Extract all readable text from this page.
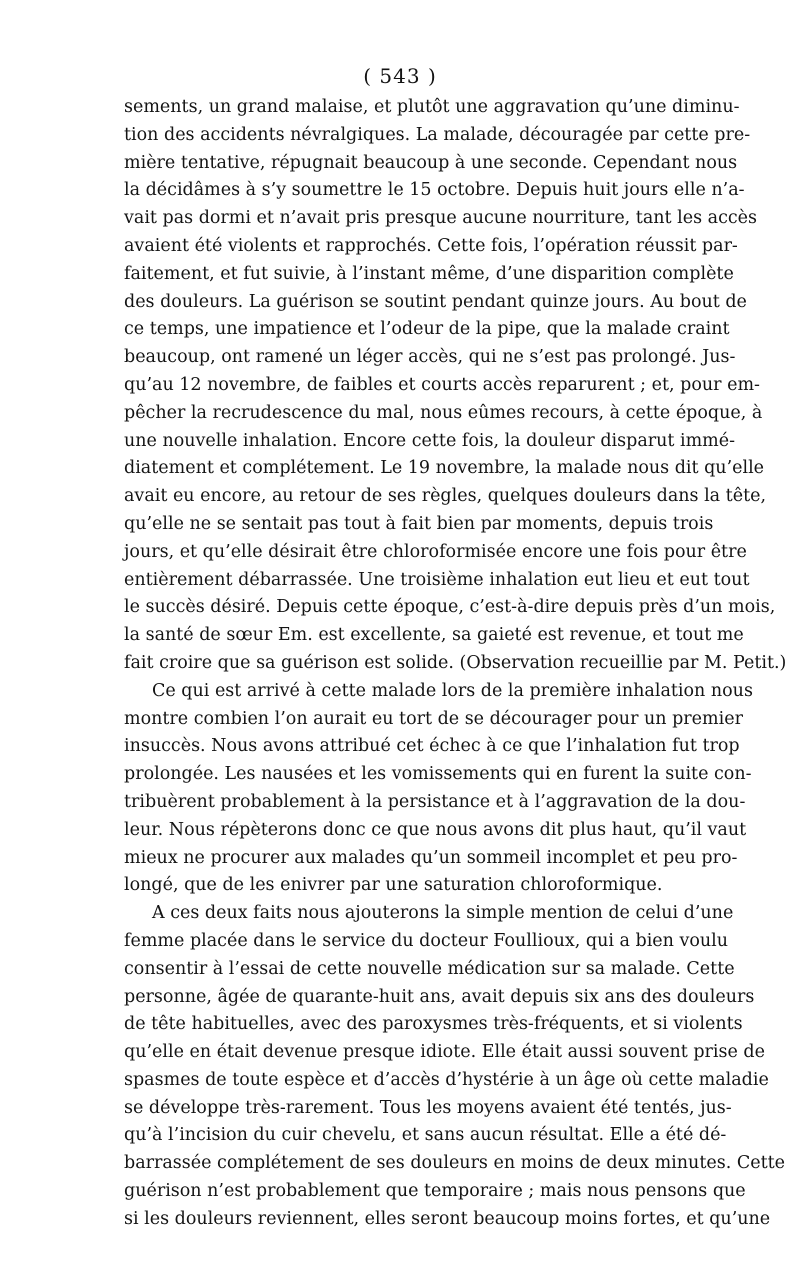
( 543 )
sements, un grand malaise, et plutôt une aggravation qu’une diminu-
tion des accidents névralgiques. La malade, découragée par cette pre-
mière tentative, répugnait beaucoup à une seconde. Cependant nous
la décidâmes à s’y soumettre le 15 octobre. Depuis huit jours elle n’a-
vait pas dormi et n’avait pris presque aucune nourriture, tant les accès
avaient été violents et rapprochés. Cette fois, l’opération réussit par-
faitement, et fut suivie, à l’instant même, d’une disparition complète
des douleurs. La guérison se soutint pendant quinze jours. Au bout de
ce temps, une impatience et l’odeur de la pipe, que la malade craint
beaucoup, ont ramené un léger accès, qui ne s’est pas prolongé. Jus-
qu’au 12 novembre, de faibles et courts accès reparurent ; et, pour em-
pêcher la recrudescence du mal, nous eûmes recours, à cette époque, à
une nouvelle inhalation. Encore cette fois, la douleur disparut immé-
diatement et complétement. Le 19 novembre, la malade nous dit qu’elle
avait eu encore, au retour de ses règles, quelques douleurs dans la tête,
qu’elle ne se sentait pas tout à fait bien par moments, depuis trois
jours, et qu’elle désirait être chloroformisée encore une fois pour être
entièrement débarrassée. Une troisième inhalation eut lieu et eut tout
le succès désiré. Depuis cette époque, c’est-à-dire depuis près d’un mois,
la santé de sœur Em. est excellente, sa gaieté est revenue, et tout me
fait croire que sa guérison est solide. (Observation recueillie par M. Petit.)
Ce qui est arrivé à cette malade lors de la première inhalation nous
montre combien l’on aurait eu tort de se décourager pour un premier
insuccès. Nous avons attribué cet échec à ce que l’inhalation fut trop
prolongée. Les nausées et les vomissements qui en furent la suite con-
tribuèrent probablement à la persistance et à l’aggravation de la dou-
leur. Nous répèterons donc ce que nous avons dit plus haut, qu’il vaut
mieux ne procurer aux malades qu’un sommeil incomplet et peu pro-
longé, que de les enivrer par une saturation chloroformique.
A ces deux faits nous ajouterons la simple mention de celui d’une
femme placée dans le service du docteur Foullioux, qui a bien voulu
consentir à l’essai de cette nouvelle médication sur sa malade. Cette
personne, âgée de quarante-huit ans, avait depuis six ans des douleurs
de tête habituelles, avec des paroxysmes très-fréquents, et si violents
qu’elle en était devenue presque idiote. Elle était aussi souvent prise de
spasmes de toute espèce et d’accès d’hystérie à un âge où cette maladie
se développe très-rarement. Tous les moyens avaient été tentés, jus-
qu’à l’incision du cuir chevelu, et sans aucun résultat. Elle a été dé-
barrassée complétement de ses douleurs en moins de deux minutes. Cette
guérison n’est probablement que temporaire ; mais nous pensons que
si les douleurs reviennent, elles seront beaucoup moins fortes, et qu’une
